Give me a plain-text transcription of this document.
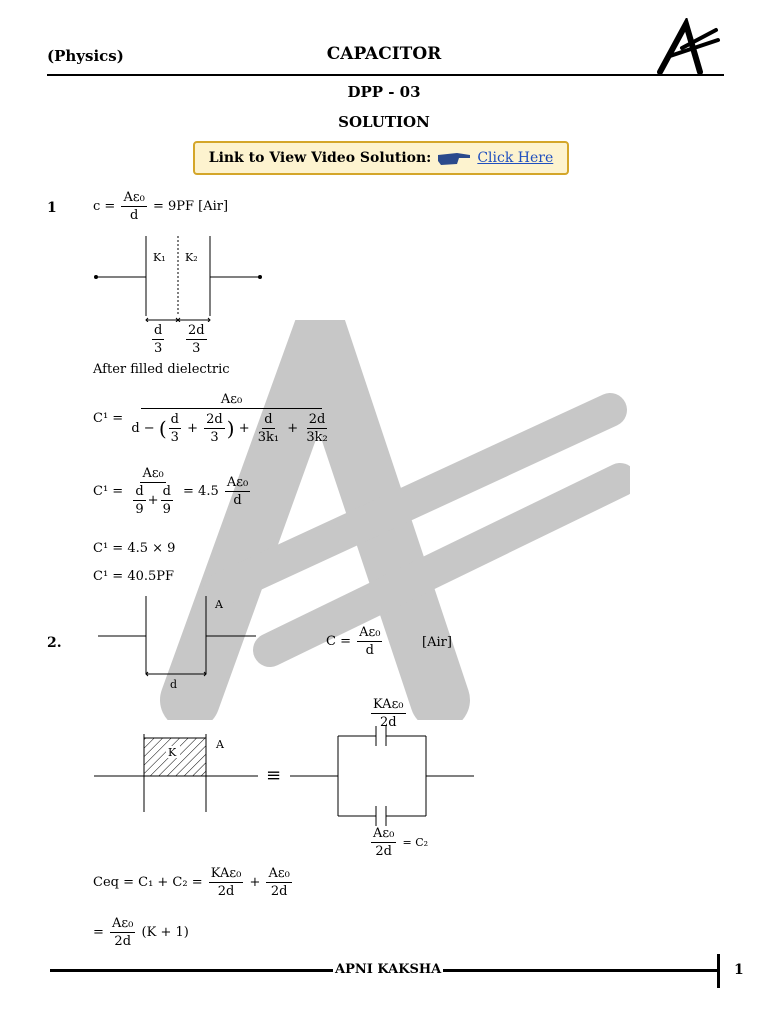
(Physics)	CAPACITOR
DPP - 03
SOLUTION
Link to View Video Solution:	Click Here
1	$c = \frac{\text{Aε₀}}{d} = 9PF$ [Air]
K₁ K₂
$\frac{d}{3} \frac{2d}{3}$
After filled dielectric
C¹ =
Aε₀
d − ( $\frac{d}{3} + \frac{2d}{3}$ ) + $\frac{d}{\text{3k₁}} + \frac{2d}{\text{3k₂}}$
$C^1 = \frac{\text{Aε₀}}{\frac{d}{9} + \frac{d}{9}} = 4.5 \frac{\text{Aε₀}}{d}$
C¹ = 4.5 × 9
C¹ = 40.5PF
2.
A
d
$C = \frac{\text{Aε₀}}{d}$	[Air]
K
A
≡
$\frac{\text{KAε₀}}{2d}$
$\frac{\text{Aε₀}}{2d} = C_2$
Ceq = $C_1 + C_2 = \frac{\text{KAε₀}}{2d} + \frac{\text{Aε₀}}{2d}$
= $\frac{\text{Aε₀}}{2d} (K + 1)$
APNI KAKSHA	1
